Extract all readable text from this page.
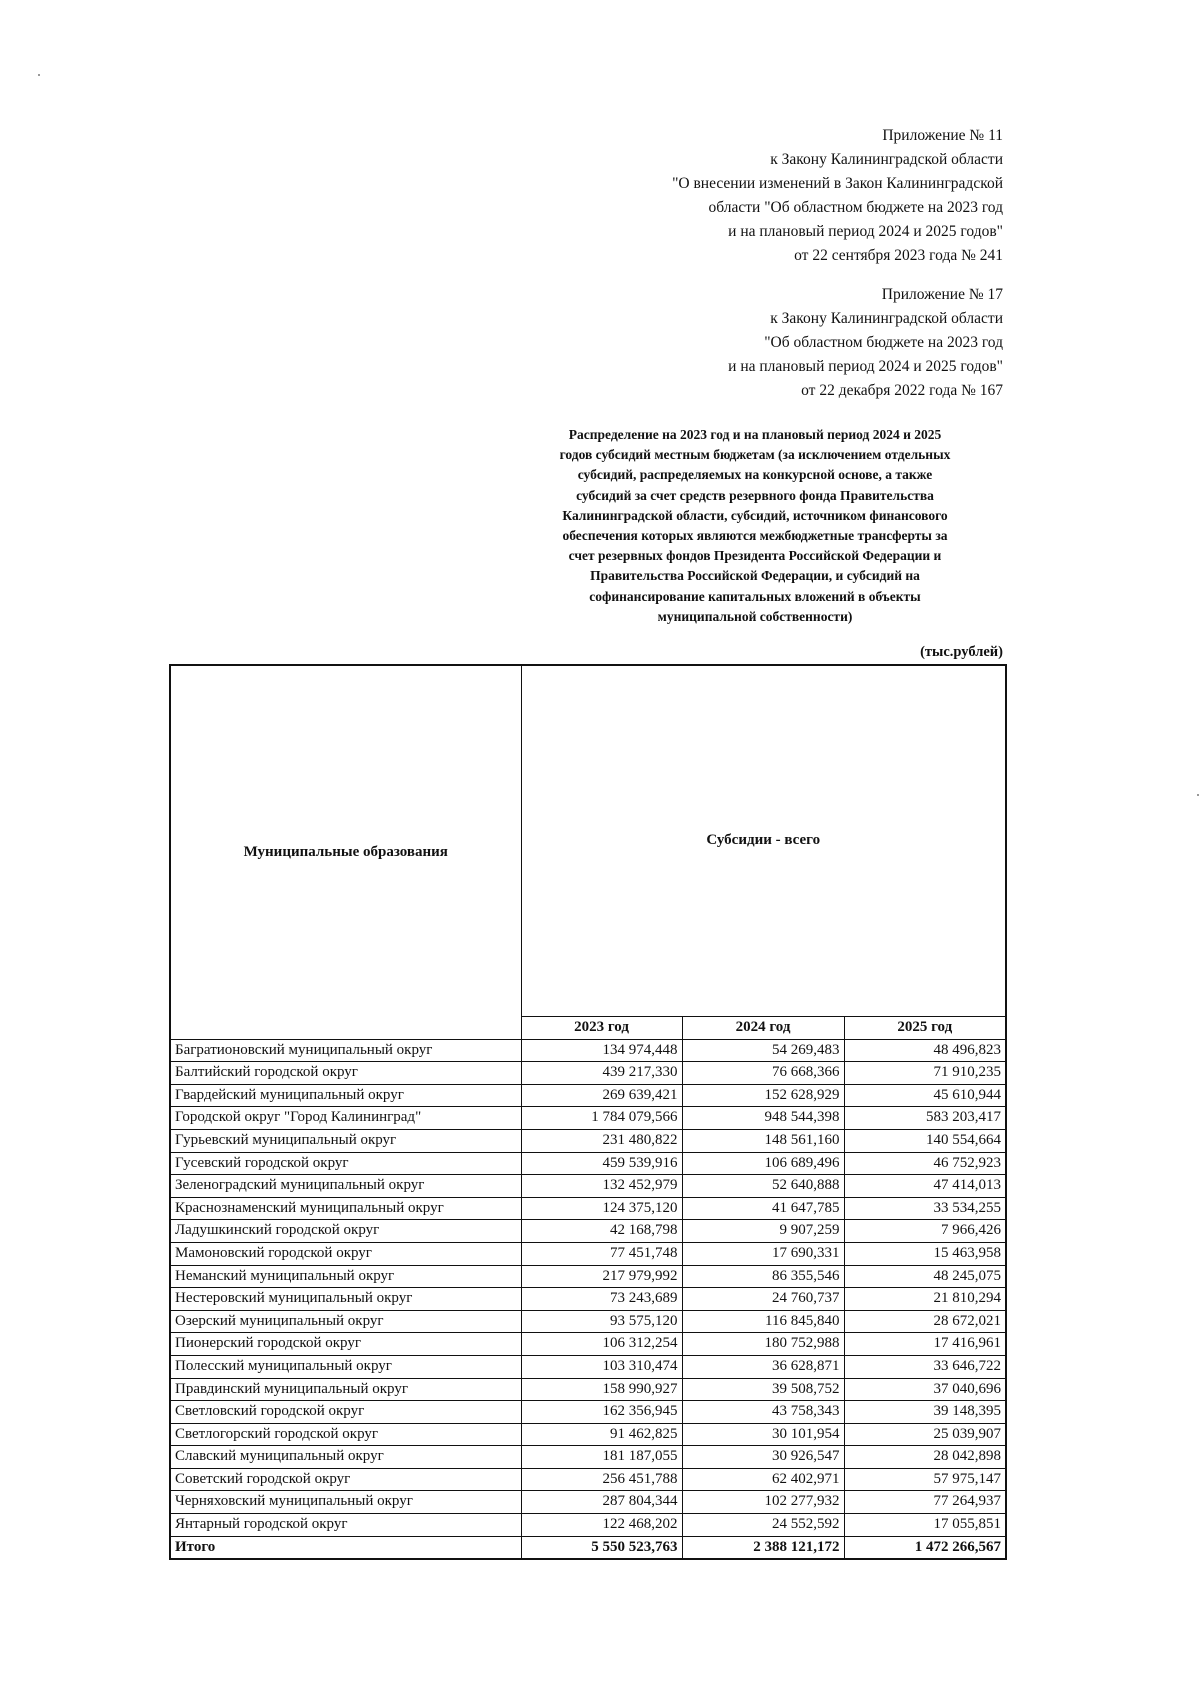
Приложение № 11
к Закону Калининградской области
"О внесении изменений в Закон Калининградской
области "Об областном бюджете на 2023 год
и на плановый период 2024 и 2025 годов"
от 22 сентября 2023 года № 241
Приложение № 17
к Закону Калининградской области
"Об областном бюджете на 2023 год
и на плановый период 2024 и 2025 годов"
от 22 декабря 2022 года № 167
Распределение на 2023 год и на плановый период 2024 и 2025
годов субсидий местным бюджетам (за исключением отдельных
субсидий, распределяемых на конкурсной основе, а также
субсидий за счет средств резервного фонда Правительства
Калининградской области, субсидий, источником финансового
обеспечения которых являются межбюджетные трансферты за
счет резервных фондов Президента Российской Федерации и
Правительства Российской Федерации, и субсидий на
софинансирование капитальных вложений в объекты
муниципальной собственности)
(тыс.рублей)
Муниципальные образования	Субсидии - всего		
	2023 год	2024 год	2025 год
Багратионовский муниципальный округ	134 974,448	54 269,483	48 496,823
Балтийский городской округ	439 217,330	76 668,366	71 910,235
Гвардейский муниципальный округ	269 639,421	152 628,929	45 610,944
Городской округ "Город Калининград"	1 784 079,566	948 544,398	583 203,417
Гурьевский муниципальный округ	231 480,822	148 561,160	140 554,664
Гусевский городской округ	459 539,916	106 689,496	46 752,923
Зеленоградский муниципальный округ	132 452,979	52 640,888	47 414,013
Краснознаменский муниципальный округ	124 375,120	41 647,785	33 534,255
Ладушкинский городской округ	42 168,798	9 907,259	7 966,426
Мамоновский городской округ	77 451,748	17 690,331	15 463,958
Неманский муниципальный округ	217 979,992	86 355,546	48 245,075
Нестеровский муниципальный округ	73 243,689	24 760,737	21 810,294
Озерский муниципальный округ	93 575,120	116 845,840	28 672,021
Пионерский городской округ	106 312,254	180 752,988	17 416,961
Полесский муниципальный округ	103 310,474	36 628,871	33 646,722
Правдинский муниципальный округ	158 990,927	39 508,752	37 040,696
Светловский городской округ	162 356,945	43 758,343	39 148,395
Светлогорский городской округ	91 462,825	30 101,954	25 039,907
Славский муниципальный округ	181 187,055	30 926,547	28 042,898
Советский городской округ	256 451,788	62 402,971	57 975,147
Черняховский муниципальный округ	287 804,344	102 277,932	77 264,937
Янтарный городской округ	122 468,202	24 552,592	17 055,851
Итого	5 550 523,763	2 388 121,172	1 472 266,567
